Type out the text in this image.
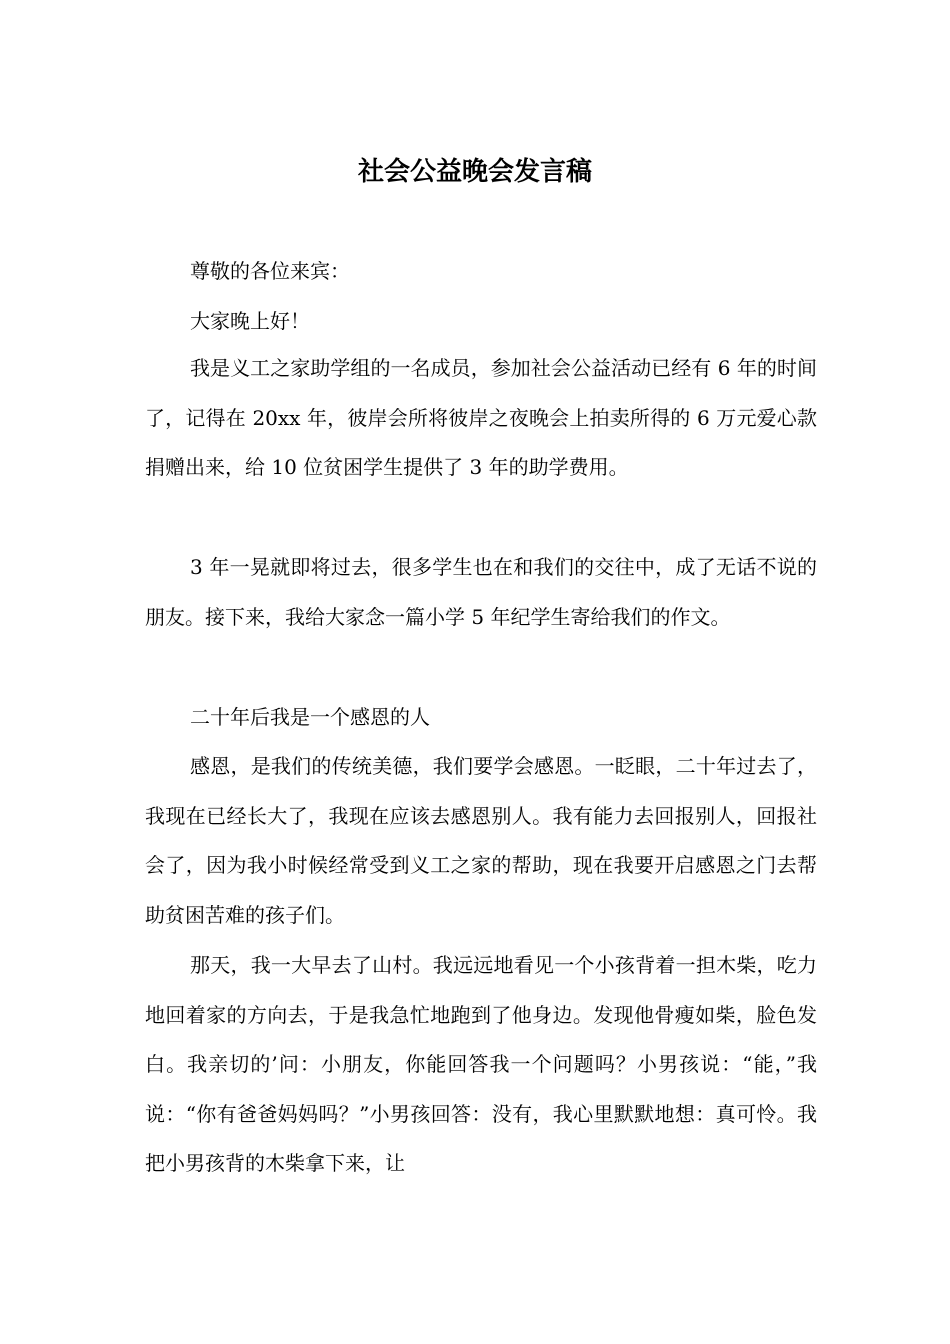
社会公益晚会发言稿

尊敬的各位来宾：

大家晚上好！

我是义工之家助学组的一名成员，参加社会公益活动已经有 6 年的时间了，记得在 20xx 年，彼岸会所将彼岸之夜晚会上拍卖所得的 6 万元爱心款捐赠出来，给 10 位贫困学生提供了 3 年的助学费用。

3 年一晃就即将过去，很多学生也在和我们的交往中，成了无话不说的朋友。接下来，我给大家念一篇小学 5 年纪学生寄给我们的作文。

二十年后我是一个感恩的人

感恩，是我们的传统美德，我们要学会感恩。一眨眼，二十年过去了，我现在已经长大了，我现在应该去感恩别人。我有能力去回报别人，回报社会了，因为我小时候经常受到义工之家的帮助，现在我要开启感恩之门去帮助贫困苦难的孩子们。

那天，我一大早去了山村。我远远地看见一个小孩背着一担木柴，吃力地回着家的方向去，于是我急忙地跑到了他身边。发现他骨瘦如柴，脸色发白。我亲切的’问：小朋友，你能回答我一个问题吗？小男孩说：“能，”我说：“你有爸爸妈妈吗？”小男孩回答：没有，我心里默默地想：真可怜。我把小男孩背的木柴拿下来，让
